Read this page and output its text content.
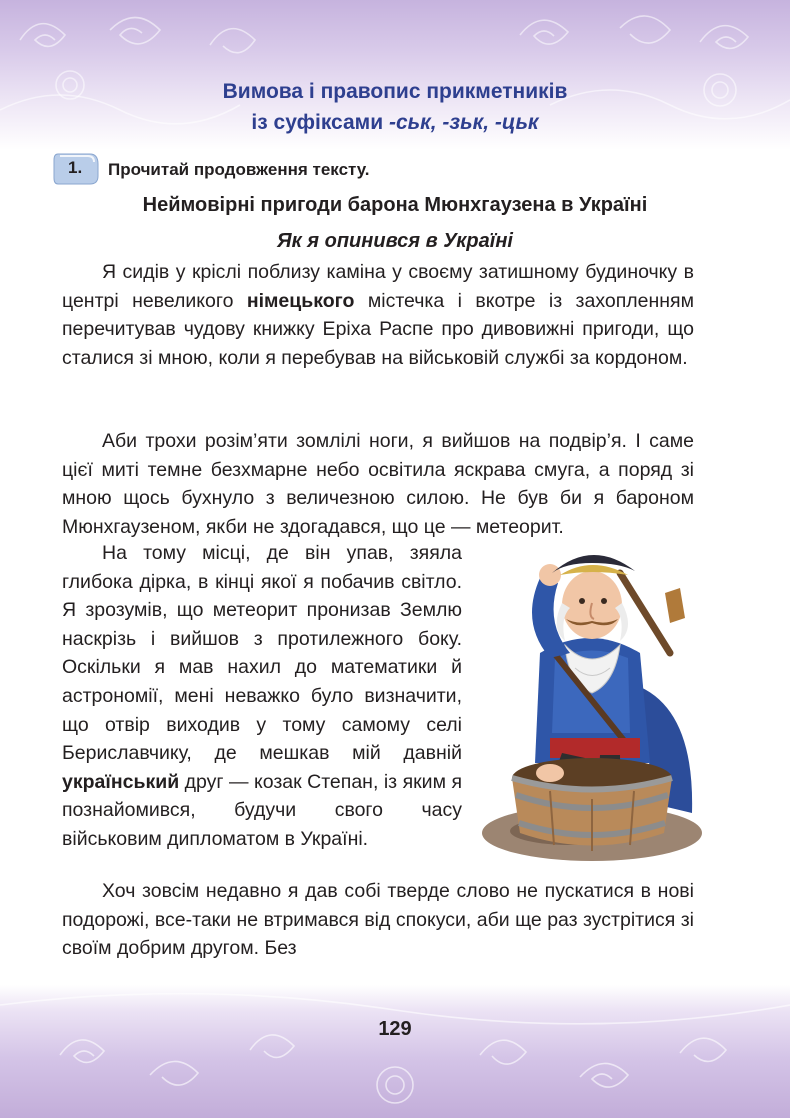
Вимова і правопис прикметників
із суфіксами -ськ, -зьк, -цьк
1. Прочитай продовження тексту.

Неймовірні пригоди барона Мюнхгаузена в Україні
Як я опинився в Україні

Я сидів у кріслі поблизу каміна у своєму затишному будиночку в центрі невеликого німецького містечка і вкотре із захопленням перечитував чудову книжку Еріха Распе про дивовижні пригоди, що сталися зі мною, коли я перебував на військовій службі за кордоном.

Аби трохи розім’яти зомлілі ноги, я вийшов на подвір’я. І саме цієї миті темне безхмарне небо освітила яскрава смуга, а поряд зі мною щось бухнуло з величезною силою. Не був би я бароном Мюнхгаузеном, якби не здогадався, що це — метеорит.

На тому місці, де він упав, зяяла глибока дірка, в кінці якої я побачив світло. Я зрозумів, що метеорит пронизав Землю наскрізь і вийшов з протилежного боку. Оскільки я мав нахил до математики й астрономії, мені неважко було визначити, що отвір виходив у тому самому селі Бериславчику, де мешкав мій давній український друг — козак Степан, із яким я познайомився, будучи свого часу військовим дипломатом в Україні.

Хоч зовсім недавно я дав собі тверде слово не пускатися в нові подорожі, все-таки не втримався від спокуси, аби ще раз зустрітися зі своїм добрим другом. Без

129
